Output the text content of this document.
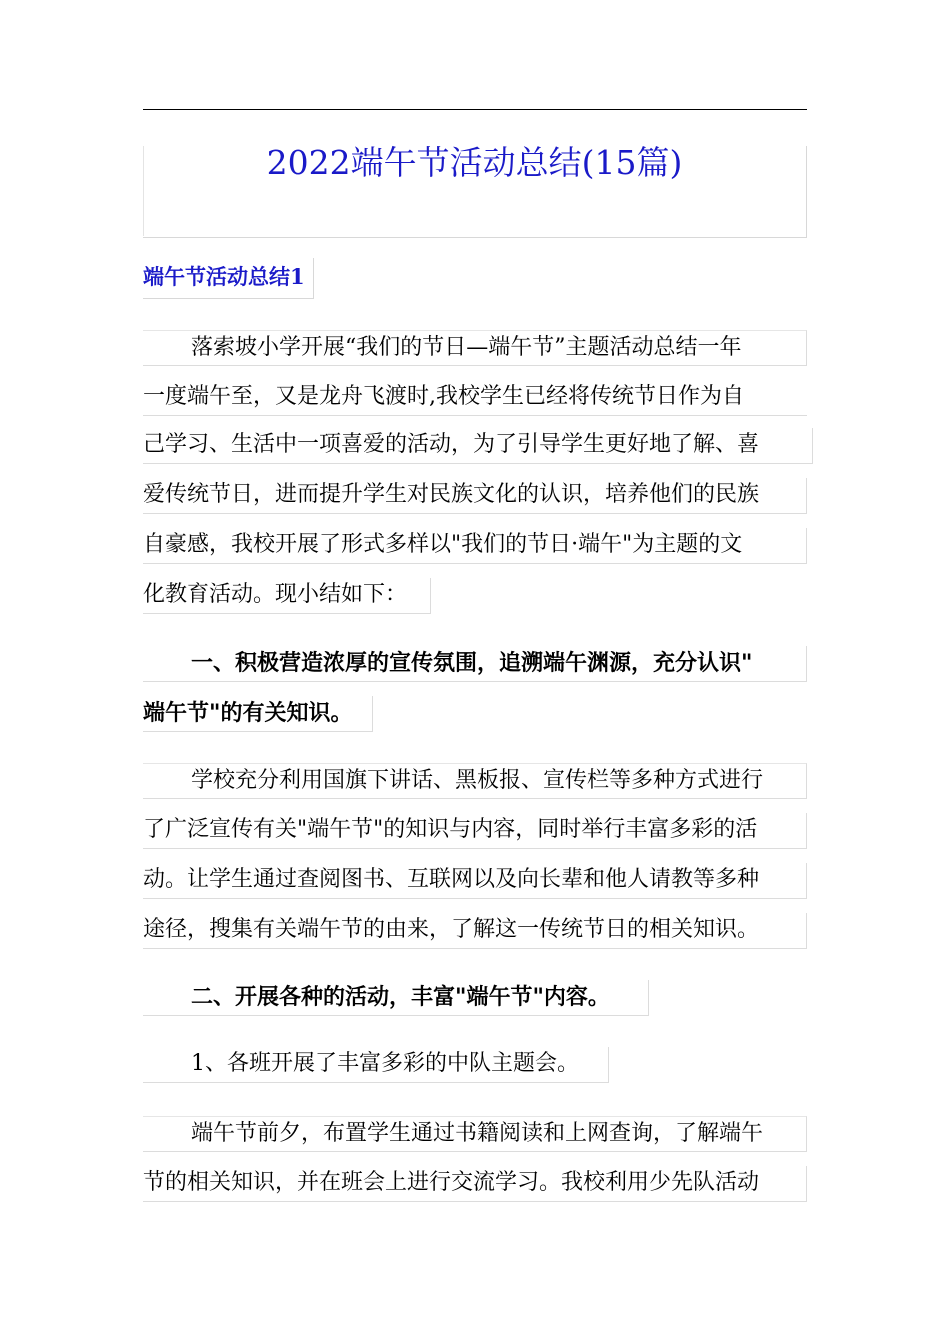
2022端午节活动总结(15篇)
端午节活动总结1
落索坡小学开展“我们的节日—端午节”主题活动总结一年
一度端午至，又是龙舟飞渡时,我校学生已经将传统节日作为自
己学习、生活中一项喜爱的活动，为了引导学生更好地了解、喜
爱传统节日，进而提升学生对民族文化的认识，培养他们的民族
自豪感，我校开展了形式多样以"我们的节日·端午"为主题的文
化教育活动。现小结如下：
一、积极营造浓厚的宣传氛围，追溯端午渊源，充分认识"
端午节"的有关知识。
学校充分利用国旗下讲话、黑板报、宣传栏等多种方式进行
了广泛宣传有关"端午节"的知识与内容，同时举行丰富多彩的活
动。让学生通过查阅图书、互联网以及向长辈和他人请教等多种
途径，搜集有关端午节的由来，了解这一传统节日的相关知识。
二、开展各种的活动，丰富"端午节"内容。
1、各班开展了丰富多彩的中队主题会。
端午节前夕，布置学生通过书籍阅读和上网查询，了解端午
节的相关知识，并在班会上进行交流学习。我校利用少先队活动
